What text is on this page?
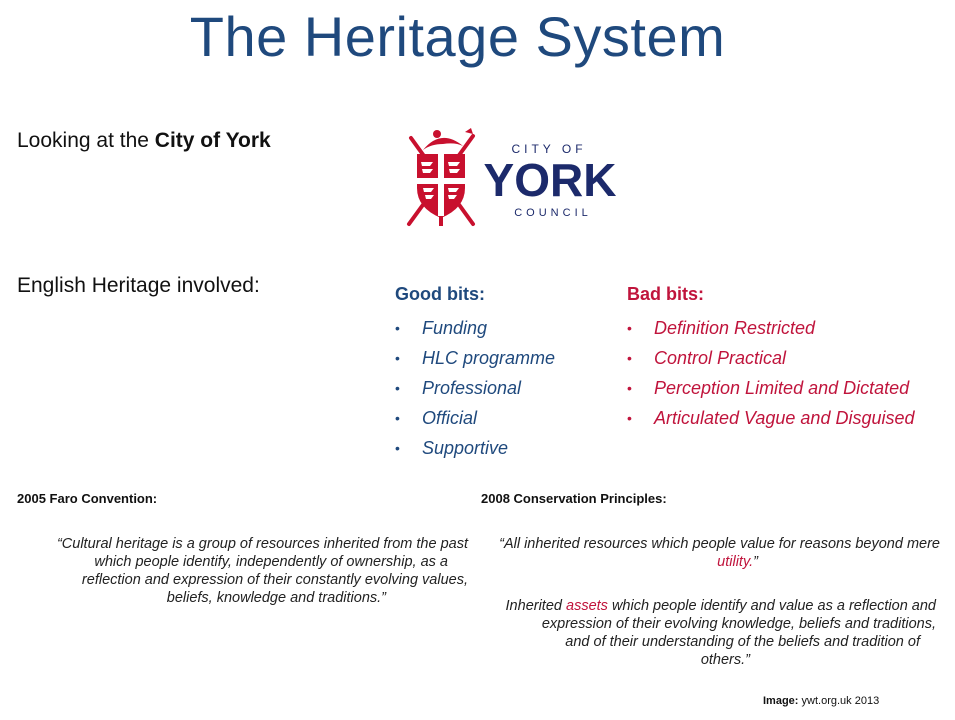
The Heritage System
Looking at the City of York	CITY OF
YORK
COUNCIL
English Heritage involved:	Good bits:
• Funding
• HLC programme
• Professional
• Official
• Supportive
Bad bits:
• Definition Restricted
• Control Practical
• Perception Limited and Dictated
• Articulated Vague and Disguised
2005 Faro Convention:
“Cultural heritage is a group of resources inherited from the past
which people identify, independently of ownership, as a
reflection and expression of their constantly evolving values,
beliefs, knowledge and traditions.”
2008 Conservation Principles:
“All inherited resources which people value for reasons beyond mere
utility.”
Inherited assets which people identify and value as a reflection and
expression of their evolving knowledge, beliefs and traditions,
and of their understanding of the beliefs and tradition of
others.”
Image: ywt.org.uk 2013
